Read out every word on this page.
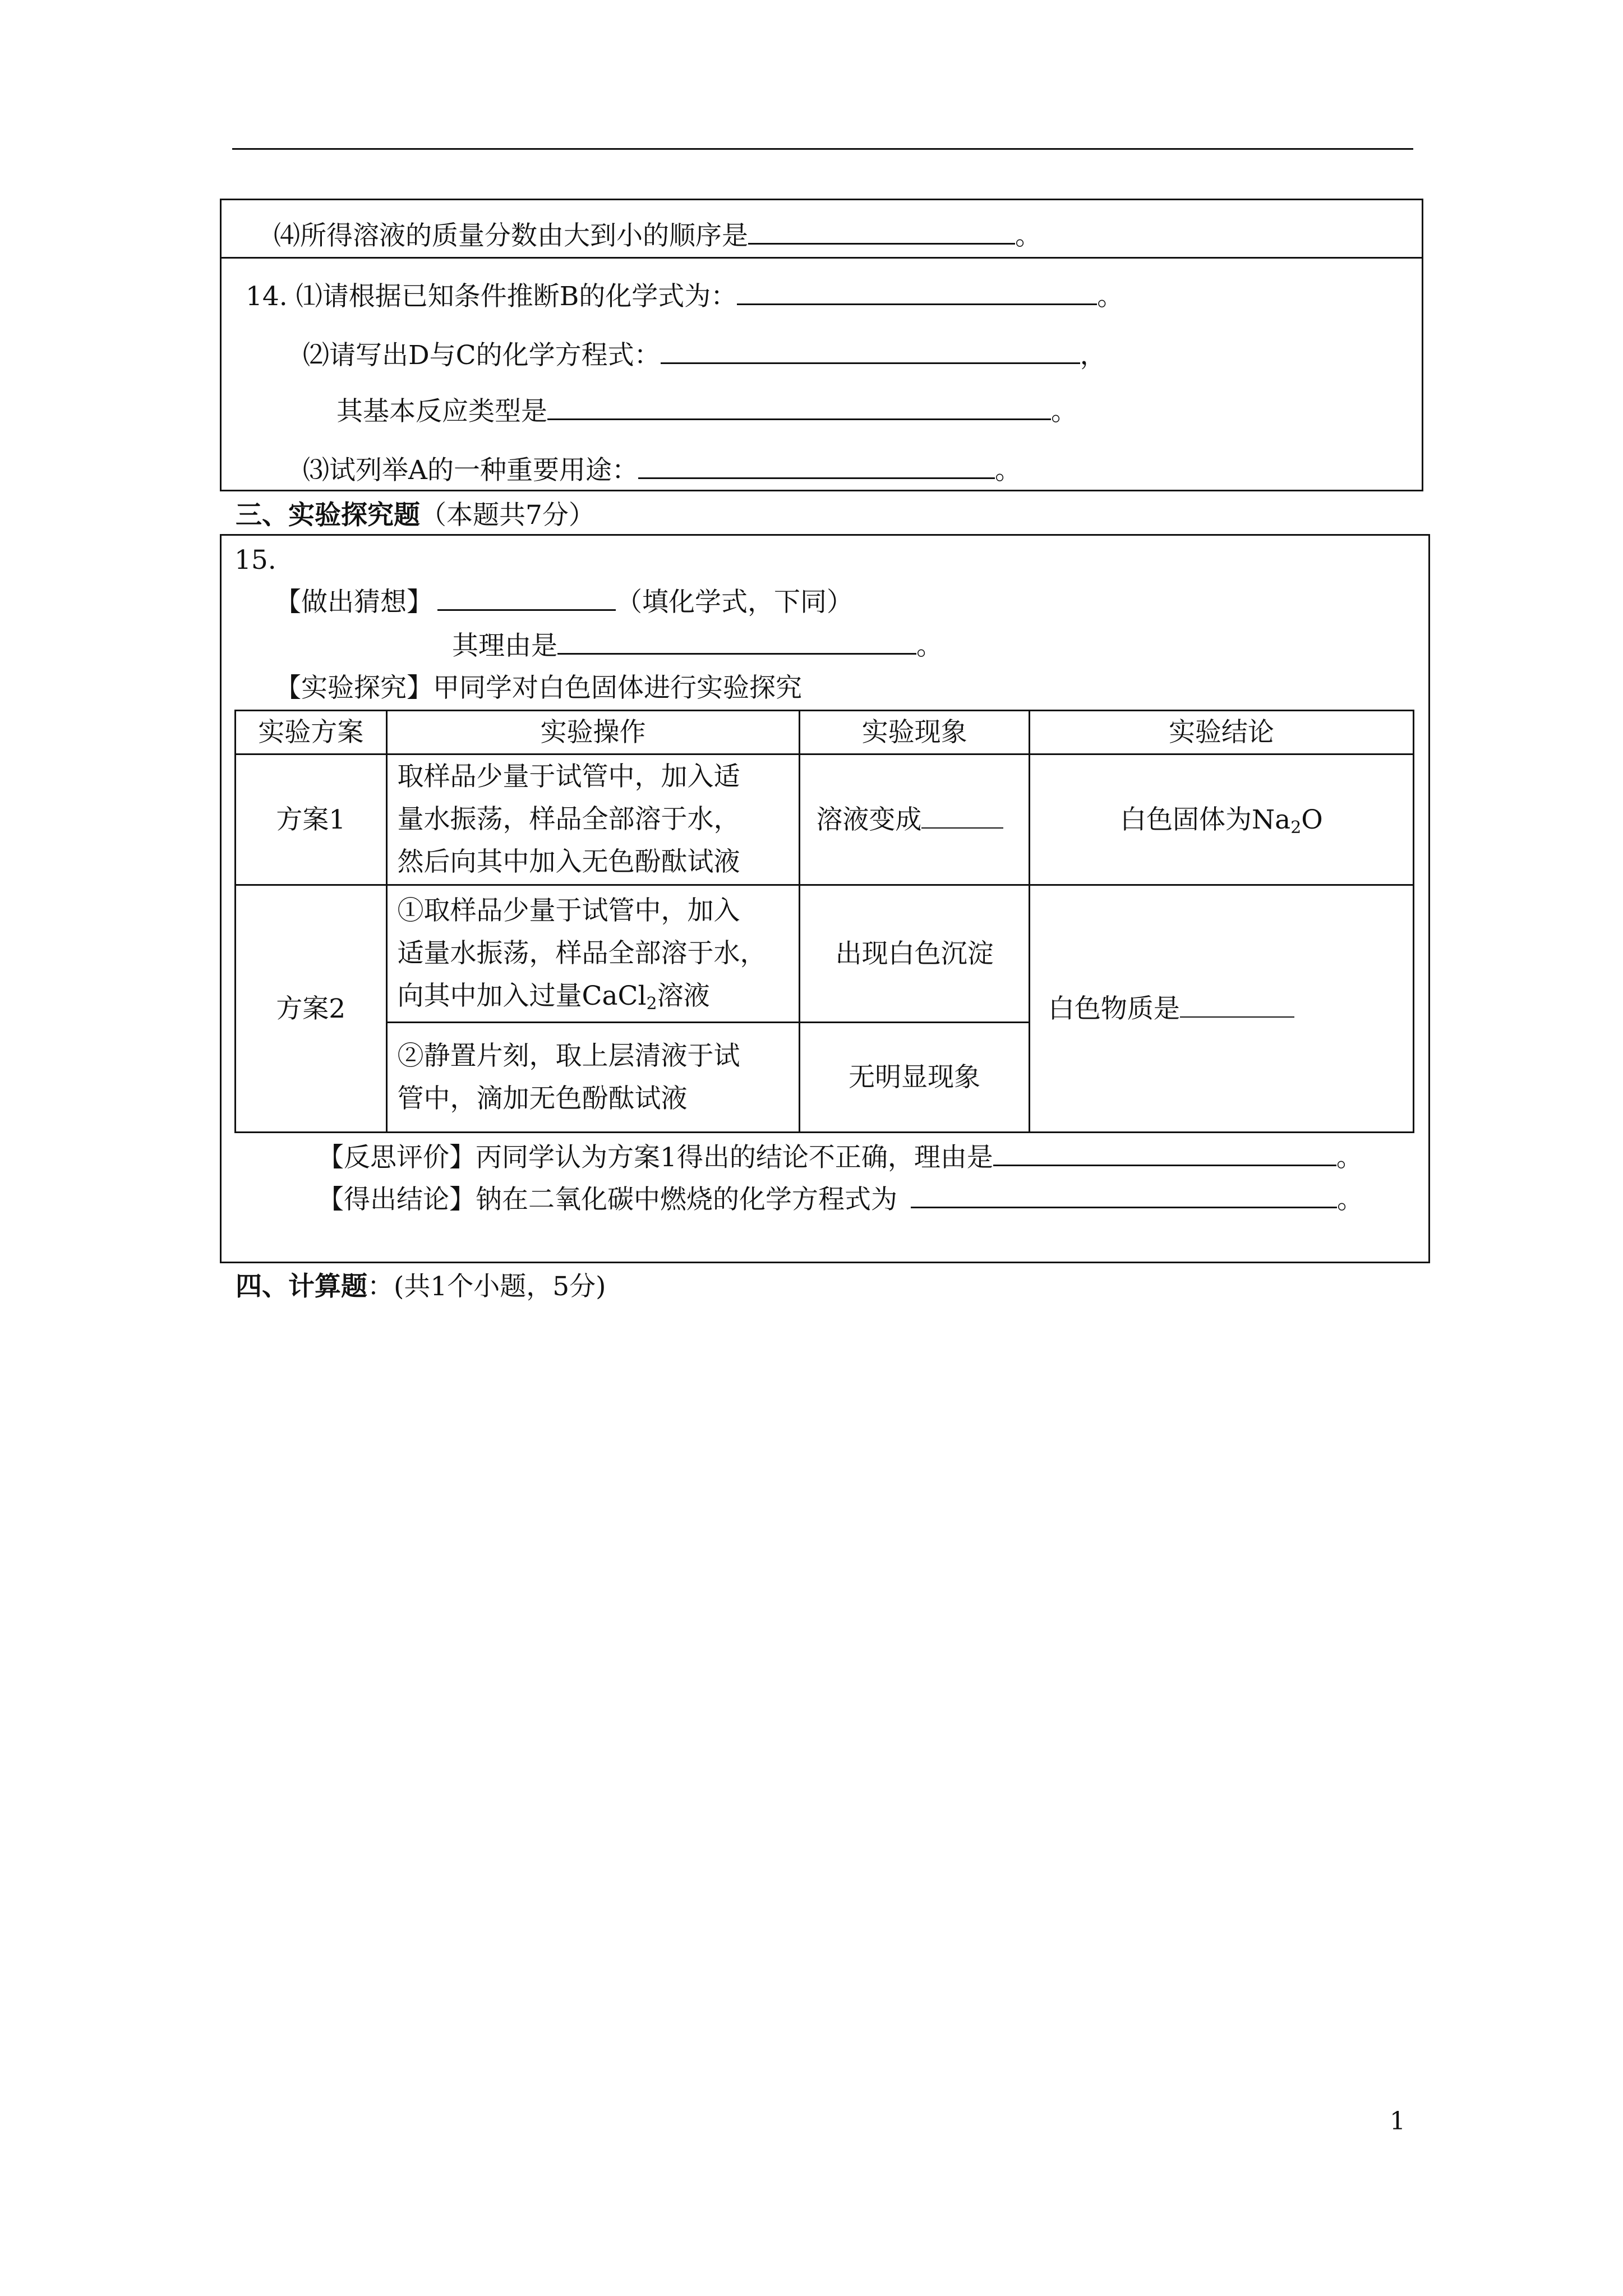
⑷所得溶液的质量分数由大到小的顺序是	。
14. ⑴请根据已知条件推断B的化学式为：	。
⑵请写出D与C的化学方程式：	，
其基本反应类型是	。
⑶试列举A的一种重要用途：	。
三、实验探究题（本题共7分）
15.
【做出猜想】	（填化学式，下同）
其理由是	。
【实验探究】甲同学对白色固体进行实验探究
实验方案	实验操作	实验现象	实验结论
方案1	取样品少量于试管中，加入适
量水振荡，样品全部溶于水，
然后向其中加入无色酚酞试液	溶液变成	白色固体为$Na_2O$
方案2	①取样品少量于试管中，加入
适量水振荡，样品全部溶于水，
向其中加入过量CaCl$_2$溶液	出现白色沉淀	白色物质是

	②静置片刻，取上层清液于试
管中，滴加无色酚酞试液	无明显现象	
【反思评价】丙同学认为方案1得出的结论不正确，理由是	。
【得出结论】钠在二氧化碳中燃烧的化学方程式为	。
四、计算题：(共1个小题，5分)
1
